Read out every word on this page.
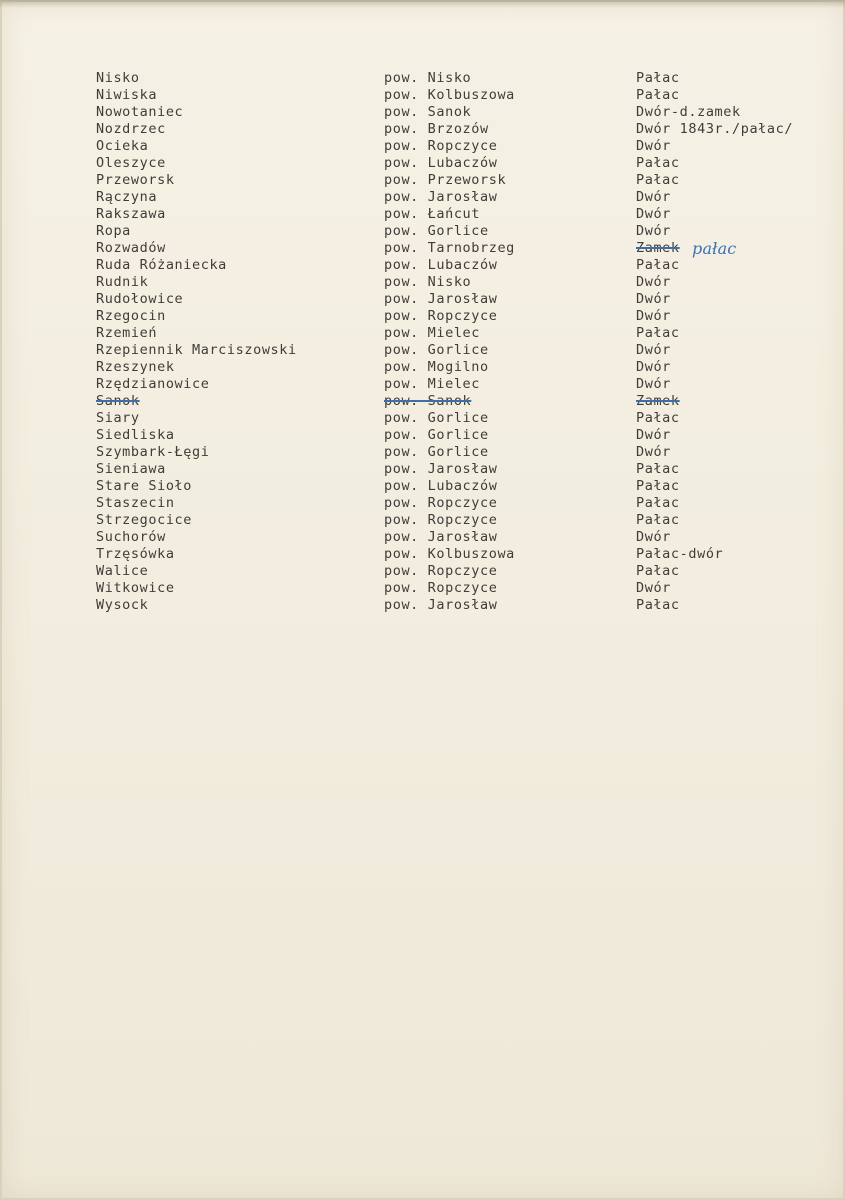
Nisko	pow. Nisko	Pałac
Niwiska	pow. Kolbuszowa	Pałac
Nowotaniec	pow. Sanok	Dwór-d.zamek
Nozdrzec	pow. Brzozów	Dwór 1843r./pałac/
Ocieka	pow. Ropczyce	Dwór
Oleszyce	pow. Lubaczów	Pałac
Przeworsk	pow. Przeworsk	Pałac
Rączyna	pow. Jarosław	Dwór
Rakszawa	pow. Łańcut	Dwór
Ropa	pow. Gorlice	Dwór
Rozwadów	pow. Tarnobrzeg	Zamek pałac
Ruda Różaniecka	pow. Lubaczów	Pałac
Rudnik	pow. Nisko	Dwór
Rudołowice	pow. Jarosław	Dwór
Rzegocin	pow. Ropczyce	Dwór
Rzemień	pow. Mielec	Pałac
Rzepiennik Marciszowski	pow. Gorlice	Dwór
Rzeszynek	pow. Mogilno	Dwór
Rzędzianowice	pow. Mielec	Dwór
Sanok	pow. Sanok	Zamek
Siary	pow. Gorlice	Pałac
Siedliska	pow. Gorlice	Dwór
Szymbark-Łęgi	pow. Gorlice	Dwór
Sieniawa	pow. Jarosław	Pałac
Stare Sioło	pow. Lubaczów	Pałac
Staszecin	pow. Ropczyce	Pałac
Strzegocice	pow. Ropczyce	Pałac
Suchorów	pow. Jarosław	Dwór
Trzęsówka	pow. Kolbuszowa	Pałac-dwór
Walice	pow. Ropczyce	Pałac
Witkowice	pow. Ropczyce	Dwór
Wysock	pow. Jarosław	Pałac
